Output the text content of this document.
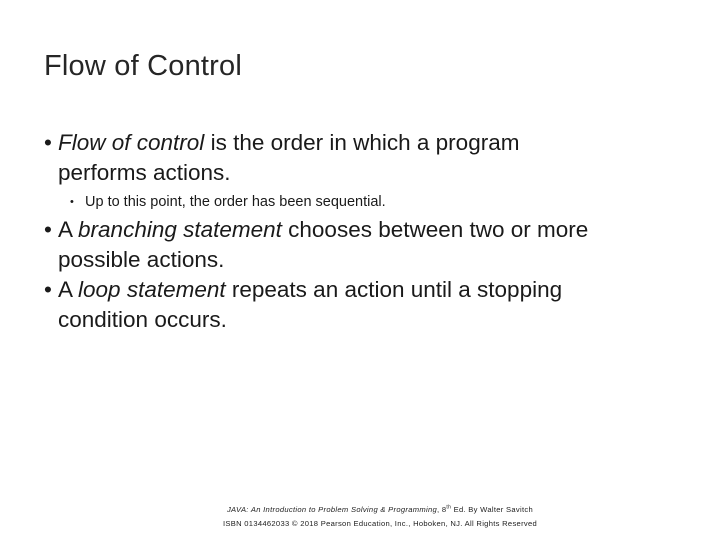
Flow of Control
• Flow of control is the order in which a program
performs actions.
• Up to this point, the order has been sequential.
• A branching statement chooses between two or more
possible actions.
• A loop statement repeats an action until a stopping
condition occurs.
JAVA: An Introduction to Problem Solving & Programming, 8th Ed. By Walter Savitch
ISBN 0134462033 © 2018 Pearson Education, Inc., Hoboken, NJ. All Rights Reserved
